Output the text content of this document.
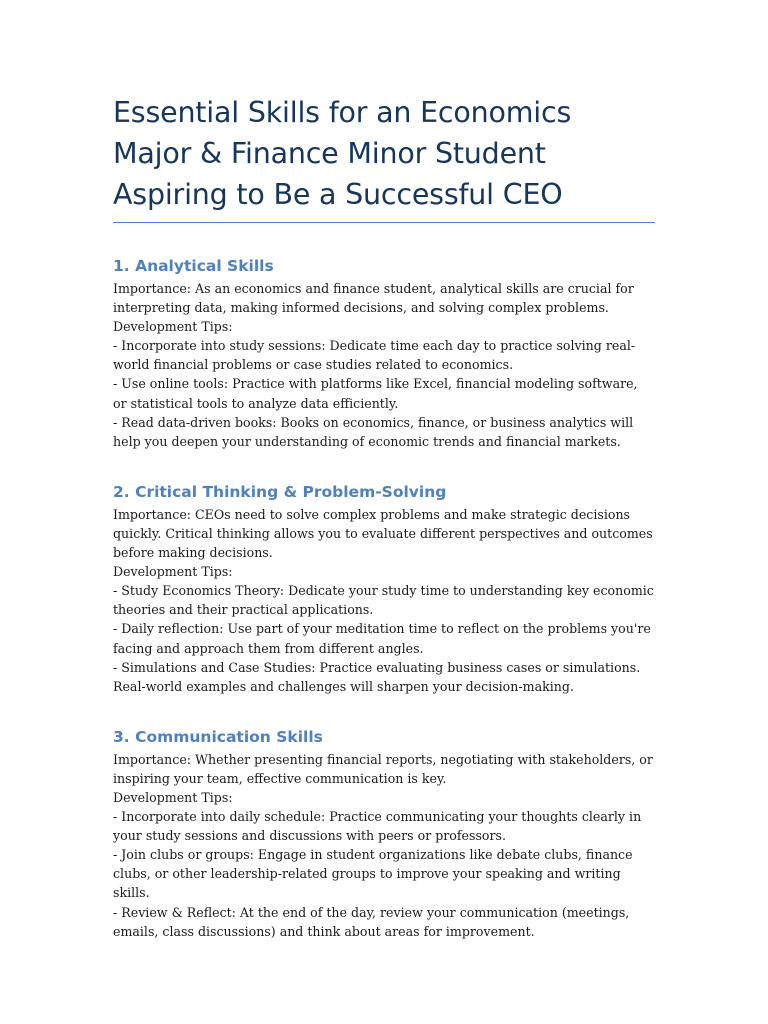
Essential Skills for an Economics Major & Finance Minor Student Aspiring to Be a Successful CEO
1. Analytical Skills

Importance: As an economics and finance student, analytical skills are crucial for interpreting data, making informed decisions, and solving complex problems.

Development Tips:

- Incorporate into study sessions: Dedicate time each day to practice solving real-world financial problems or case studies related to economics.

- Use online tools: Practice with platforms like Excel, financial modeling software, or statistical tools to analyze data efficiently.

- Read data-driven books: Books on economics, finance, or business analytics will help you deepen your understanding of economic trends and financial markets.

2. Critical Thinking & Problem-Solving

Importance: CEOs need to solve complex problems and make strategic decisions quickly. Critical thinking allows you to evaluate different perspectives and outcomes before making decisions.

Development Tips:

- Study Economics Theory: Dedicate your study time to understanding key economic theories and their practical applications.

- Daily reflection: Use part of your meditation time to reflect on the problems you're facing and approach them from different angles.

- Simulations and Case Studies: Practice evaluating business cases or simulations. Real-world examples and challenges will sharpen your decision-making.

3. Communication Skills

Importance: Whether presenting financial reports, negotiating with stakeholders, or inspiring your team, effective communication is key.

Development Tips:

- Incorporate into daily schedule: Practice communicating your thoughts clearly in your study sessions and discussions with peers or professors.

- Join clubs or groups: Engage in student organizations like debate clubs, finance clubs, or other leadership-related groups to improve your speaking and writing skills.

- Review & Reflect: At the end of the day, review your communication (meetings, emails, class discussions) and think about areas for improvement.
